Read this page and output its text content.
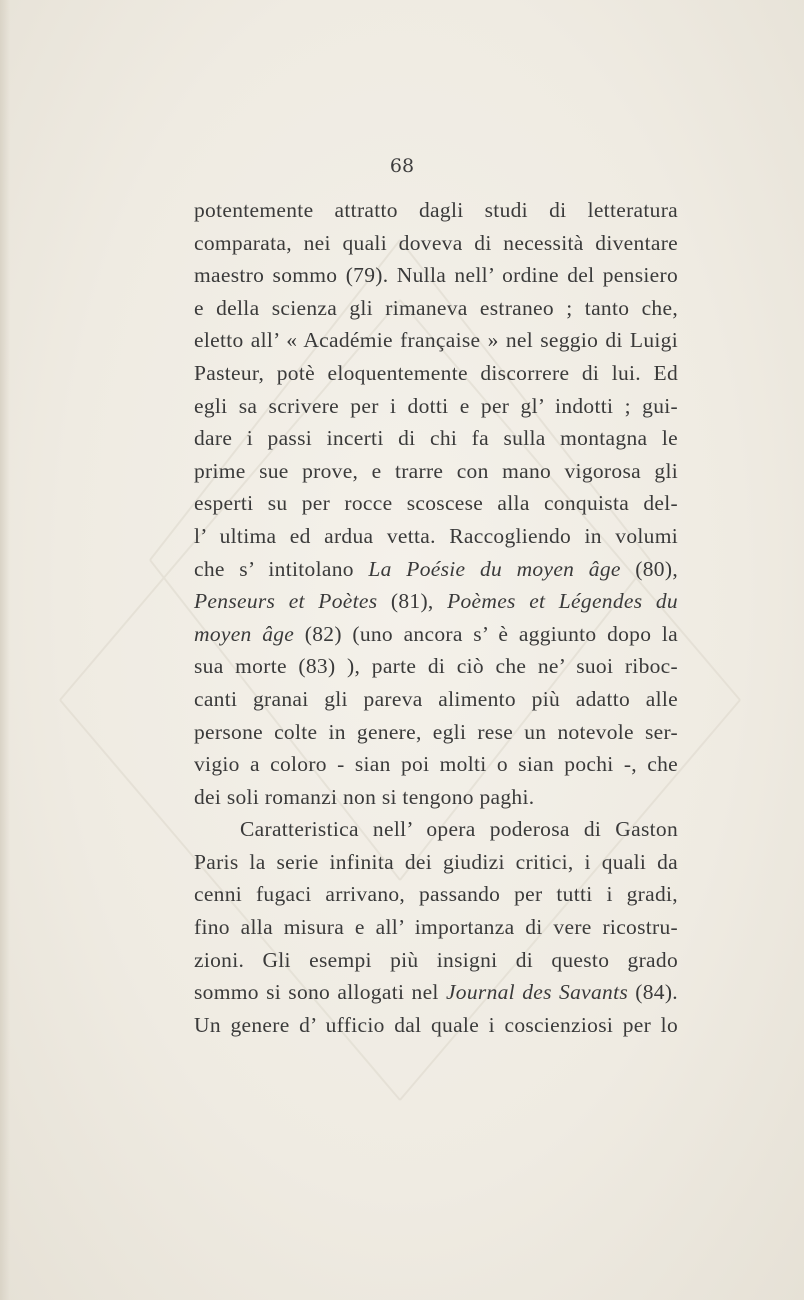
68
potentemente attratto dagli studi di letteratura
comparata, nei quali doveva di necessità diventare
maestro sommo (79). Nulla nell’ ordine del pensiero
e della scienza gli rimaneva estraneo ; tanto che,
eletto all’ « Académie française » nel seggio di Luigi
Pasteur, potè eloquentemente discorrere di lui. Ed
egli sa scrivere per i dotti e per gl’ indotti ; gui-
dare i passi incerti di chi fa sulla montagna le
prime sue prove, e trarre con mano vigorosa gli
esperti su per rocce scoscese alla conquista del-
l’ ultima ed ardua vetta. Raccogliendo in volumi
che s’ intitolano La Poésie du moyen âge (80),
Penseurs et Poètes (81), Poèmes et Légendes du
moyen âge (82) (uno ancora s’ è aggiunto dopo la
sua morte (83) ), parte di ciò che ne’ suoi riboc-
canti granai gli pareva alimento più adatto alle
persone colte in genere, egli rese un notevole ser-
vigio a coloro - sian poi molti o sian pochi -, che
dei soli romanzi non si tengono paghi.
Caratteristica nell’ opera poderosa di Gaston
Paris la serie infinita dei giudizi critici, i quali da
cenni fugaci arrivano, passando per tutti i gradi,
fino alla misura e all’ importanza di vere ricostru-
zioni. Gli esempi più insigni di questo grado
sommo si sono allogati nel Journal des Savants (84).
Un genere d’ ufficio dal quale i coscienziosi per lo
